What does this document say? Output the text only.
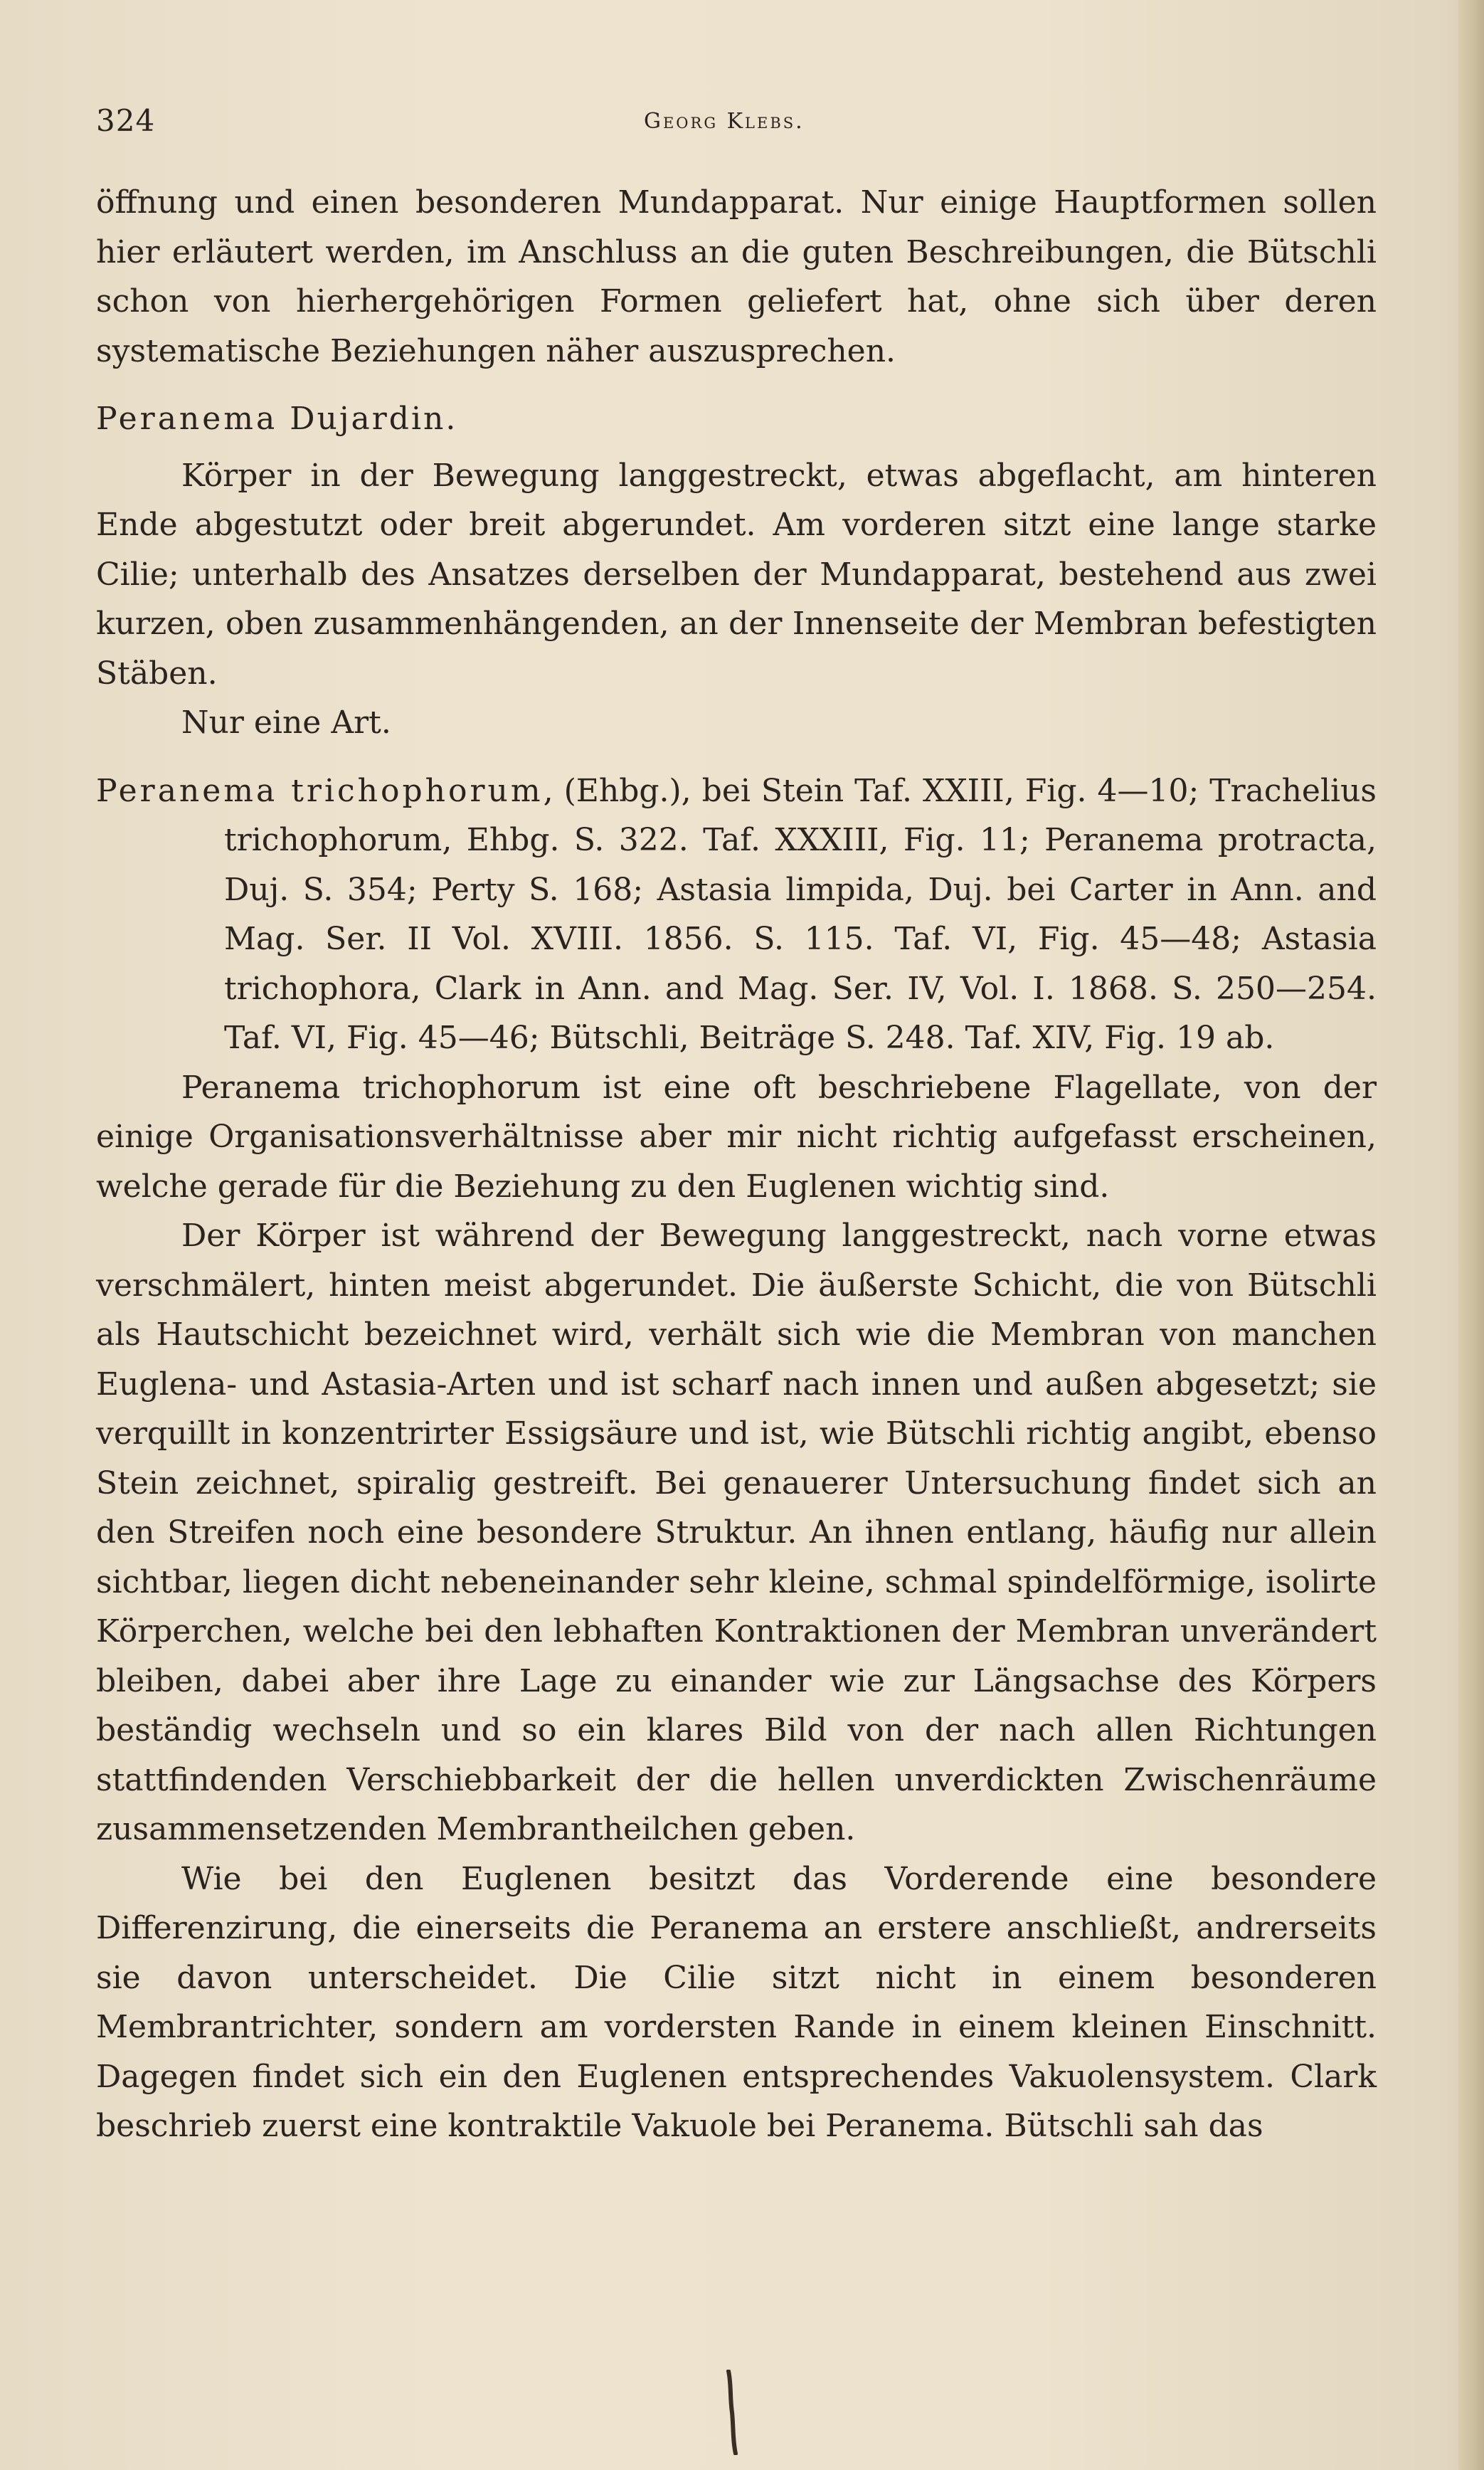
324	Georg Klebs.

öffnung und einen besonderen Mundapparat. Nur einige Hauptformen sollen hier erläutert werden, im Anschluss an die guten Beschreibungen, die Bütschli schon von hierhergehörigen Formen geliefert hat, ohne sich über deren systematische Beziehungen näher auszusprechen.

Peranema Dujardin.

Körper in der Bewegung langgestreckt, etwas abgeflacht, am hinteren Ende abgestutzt oder breit abgerundet. Am vorderen sitzt eine lange starke Cilie; unterhalb des Ansatzes derselben der Mundapparat, bestehend aus zwei kurzen, oben zusammenhängenden, an der Innenseite der Membran befestigten Stäben.

Nur eine Art.

Peranema trichophorum, (Ehbg.), bei Stein Taf. XXIII, Fig. 4—10; Trachelius trichophorum, Ehbg. S. 322. Taf. XXXIII, Fig. 11; Peranema protracta, Duj. S. 354; Perty S. 168; Astasia limpida, Duj. bei Carter in Ann. and Mag. Ser. II Vol. XVIII. 1856. S. 115. Taf. VI, Fig. 45—48; Astasia trichophora, Clark in Ann. and Mag. Ser. IV, Vol. I. 1868. S. 250—254. Taf. VI, Fig. 45—46; Bütschli, Beiträge S. 248. Taf. XIV, Fig. 19 ab.

Peranema trichophorum ist eine oft beschriebene Flagellate, von der einige Organisationsverhältnisse aber mir nicht richtig aufgefasst erscheinen, welche gerade für die Beziehung zu den Euglenen wichtig sind.

Der Körper ist während der Bewegung langgestreckt, nach vorne etwas verschmälert, hinten meist abgerundet. Die äußerste Schicht, die von Bütschli als Hautschicht bezeichnet wird, verhält sich wie die Membran von manchen Euglena- und Astasia-Arten und ist scharf nach innen und außen abgesetzt; sie verquillt in konzentrirter Essigsäure und ist, wie Bütschli richtig angibt, ebenso Stein zeichnet, spiralig gestreift. Bei genauerer Untersuchung findet sich an den Streifen noch eine besondere Struktur. An ihnen entlang, häufig nur allein sichtbar, liegen dicht nebeneinander sehr kleine, schmal spindelförmige, isolirte Körperchen, welche bei den lebhaften Kontraktionen der Membran unverändert bleiben, dabei aber ihre Lage zu einander wie zur Längsachse des Körpers beständig wechseln und so ein klares Bild von der nach allen Richtungen stattfindenden Verschiebbarkeit der die hellen unverdickten Zwischenräume zusammensetzenden Membrantheilchen geben.

Wie bei den Euglenen besitzt das Vorderende eine besondere Differenzirung, die einerseits die Peranema an erstere anschließt, andrerseits sie davon unterscheidet. Die Cilie sitzt nicht in einem besonderen Membrantrichter, sondern am vordersten Rande in einem kleinen Einschnitt. Dagegen findet sich ein den Euglenen entsprechendes Vakuolensystem. Clark beschrieb zuerst eine kontraktile Vakuole bei Peranema. Bütschli sah das
